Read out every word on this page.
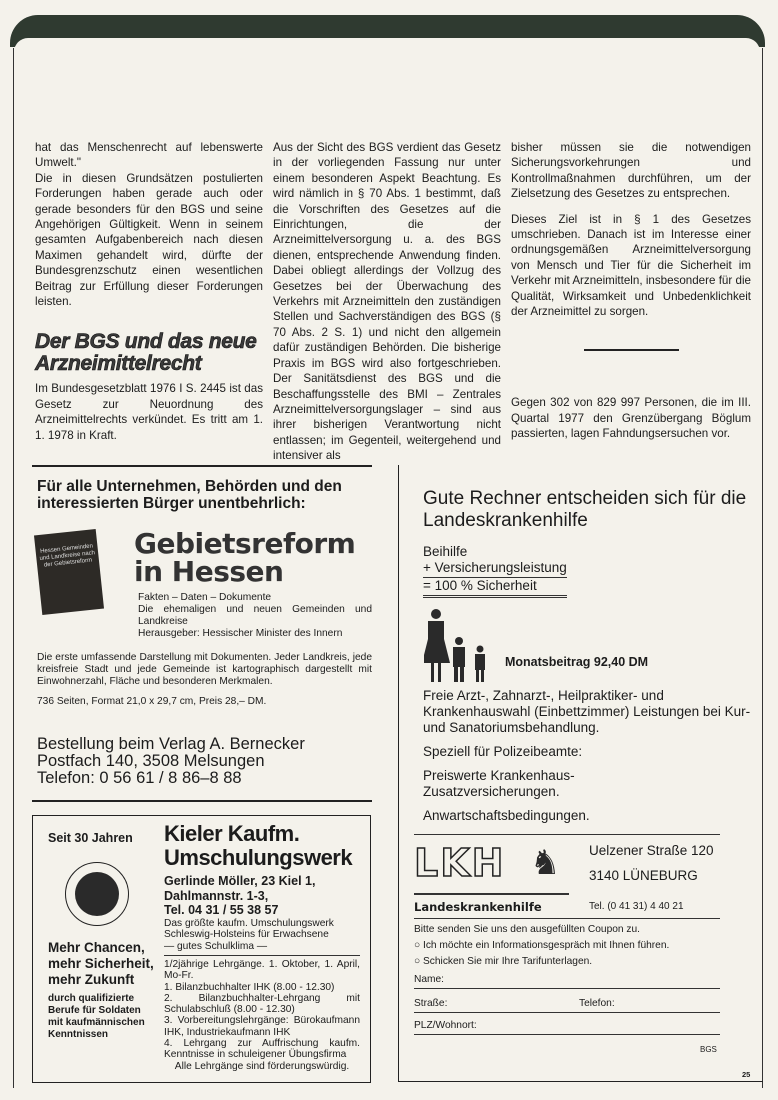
hat das Menschenrecht auf lebenswerte Umwelt."

Die in diesen Grundsätzen postulierten Forderungen haben gerade auch oder gerade besonders für den BGS und seine Angehörigen Gültigkeit. Wenn in seinem gesamten Aufgabenbereich nach diesen Maximen gehandelt wird, dürfte der Bundesgrenzschutz einen wesentlichen Beitrag zur Erfüllung dieser Forderungen leisten.

Der BGS und das neue Arzneimittelrecht

Im Bundesgesetzblatt 1976 I S. 2445 ist das Gesetz zur Neuordnung des Arzneimittelrechts verkündet. Es tritt am 1. 1. 1978 in Kraft.

Aus der Sicht des BGS verdient das Gesetz in der vorliegenden Fassung nur unter einem besonderen Aspekt Beachtung. Es wird nämlich in § 70 Abs. 1 bestimmt, daß die Vorschriften des Gesetzes auf die Einrichtungen, die der Arzneimittelversorgung u. a. des BGS dienen, entsprechende Anwendung finden. Dabei obliegt allerdings der Vollzug des Gesetzes bei der Überwachung des Verkehrs mit Arzneimitteln den zuständigen Stellen und Sachverständigen des BGS (§ 70 Abs. 2 S. 1) und nicht den allgemein dafür zuständigen Behörden. Die bisherige Praxis im BGS wird also fortgeschrieben. Der Sanitätsdienst des BGS und die Beschaffungsstelle des BMI – Zentrales Arzneimittelversorgungslager – sind aus ihrer bisherigen Verantwortung nicht entlassen; im Gegenteil, weitergehend und intensiver als

bisher müssen sie die notwendigen Sicherungsvorkehrungen und Kontrollmaßnahmen durchführen, um der Zielsetzung des Gesetzes zu entsprechen.

Dieses Ziel ist in § 1 des Gesetzes umschrieben. Danach ist im Interesse einer ordnungsgemäßen Arzneimittelversorgung von Mensch und Tier für die Sicherheit im Verkehr mit Arzneimitteln, insbesondere für die Qualität, Wirksamkeit und Unbedenklichkeit der Arzneimittel zu sorgen.

Gegen 302 von 829 997 Personen, die im III. Quartal 1977 den Grenzübergang Böglum passierten, lagen Fahndungsersuchen vor.

Für alle Unternehmen, Behörden und den interessierten Bürger unentbehrlich:
Hessen Gemeinden und Landkreise nach der Gebietsreform
Gebietsreform
in Hessen
Fakten – Daten – Dokumente
Die ehemaligen und neuen Gemeinden und Landkreise
Herausgeber: Hessischer Minister des Innern
Die erste umfassende Darstellung mit Dokumenten. Jeder Landkreis, jede kreisfreie Stadt und jede Gemeinde ist kartographisch dargestellt mit Einwohnerzahl, Fläche und besonderen Merkmalen.
736 Seiten, Format 21,0 x 29,7 cm, Preis 28,– DM.
Bestellung beim Verlag A. Bernecker
Postfach 140, 3508 Melsungen
Telefon: 0 56 61 / 8 86–8 88
Seit 30 Jahren
Mehr Chancen, mehr Sicherheit, mehr Zukunft
durch qualifizierte Berufe für Soldaten mit kaufmännischen Kenntnissen
Kieler Kaufm.
Umschulungswerk
Gerlinde Möller, 23 Kiel 1,
Dahlmannstr. 1-3,
Tel. 04 31 / 55 38 57
Das größte kaufm. Umschulungswerk
Schleswig-Holsteins für Erwachsene
— gutes Schulklima —
1/2jährige Lehrgänge. 1. Oktober, 1. April, Mo-Fr.
1. Bilanzbuchhalter IHK (8.00 - 12.30)
2. Bilanzbuchhalter-Lehrgang mit Schulabschluß (8.00 - 12.30)
3. Vorbereitungslehrgänge: Bürokaufmann IHK, Industriekaufmann IHK
4. Lehrgang zur Auffrischung kaufm. Kenntnisse in schuleigener Übungsfirma
Alle Lehrgänge sind förderungswürdig.
Gute Rechner entscheiden sich für die Landeskrankenhilfe
Beihilfe
+ Versicherungsleistung
= 100 % Sicherheit
Monatsbeitrag 92,40 DM
Freie Arzt-, Zahnarzt-, Heilpraktiker- und Krankenhauswahl (Einbettzimmer) Leistungen bei Kur- und Sanatoriumsbehandlung.
Speziell für Polizeibeamte:
Preiswerte Krankenhaus-Zusatzversicherungen.
Anwartschaftsbedingungen.
LKH ♞
Landeskrankenhilfe
Uelzener Straße 120
3140 LÜNEBURG
Tel. (0 41 31) 4 40 21
Bitte senden Sie uns den ausgefüllten Coupon zu.
○ Ich möchte ein Informationsgespräch mit Ihnen führen.
○ Schicken Sie mir Ihre Tarifunterlagen.
Name:
Straße:	Telefon:
PLZ/Wohnort:
BGS
25
